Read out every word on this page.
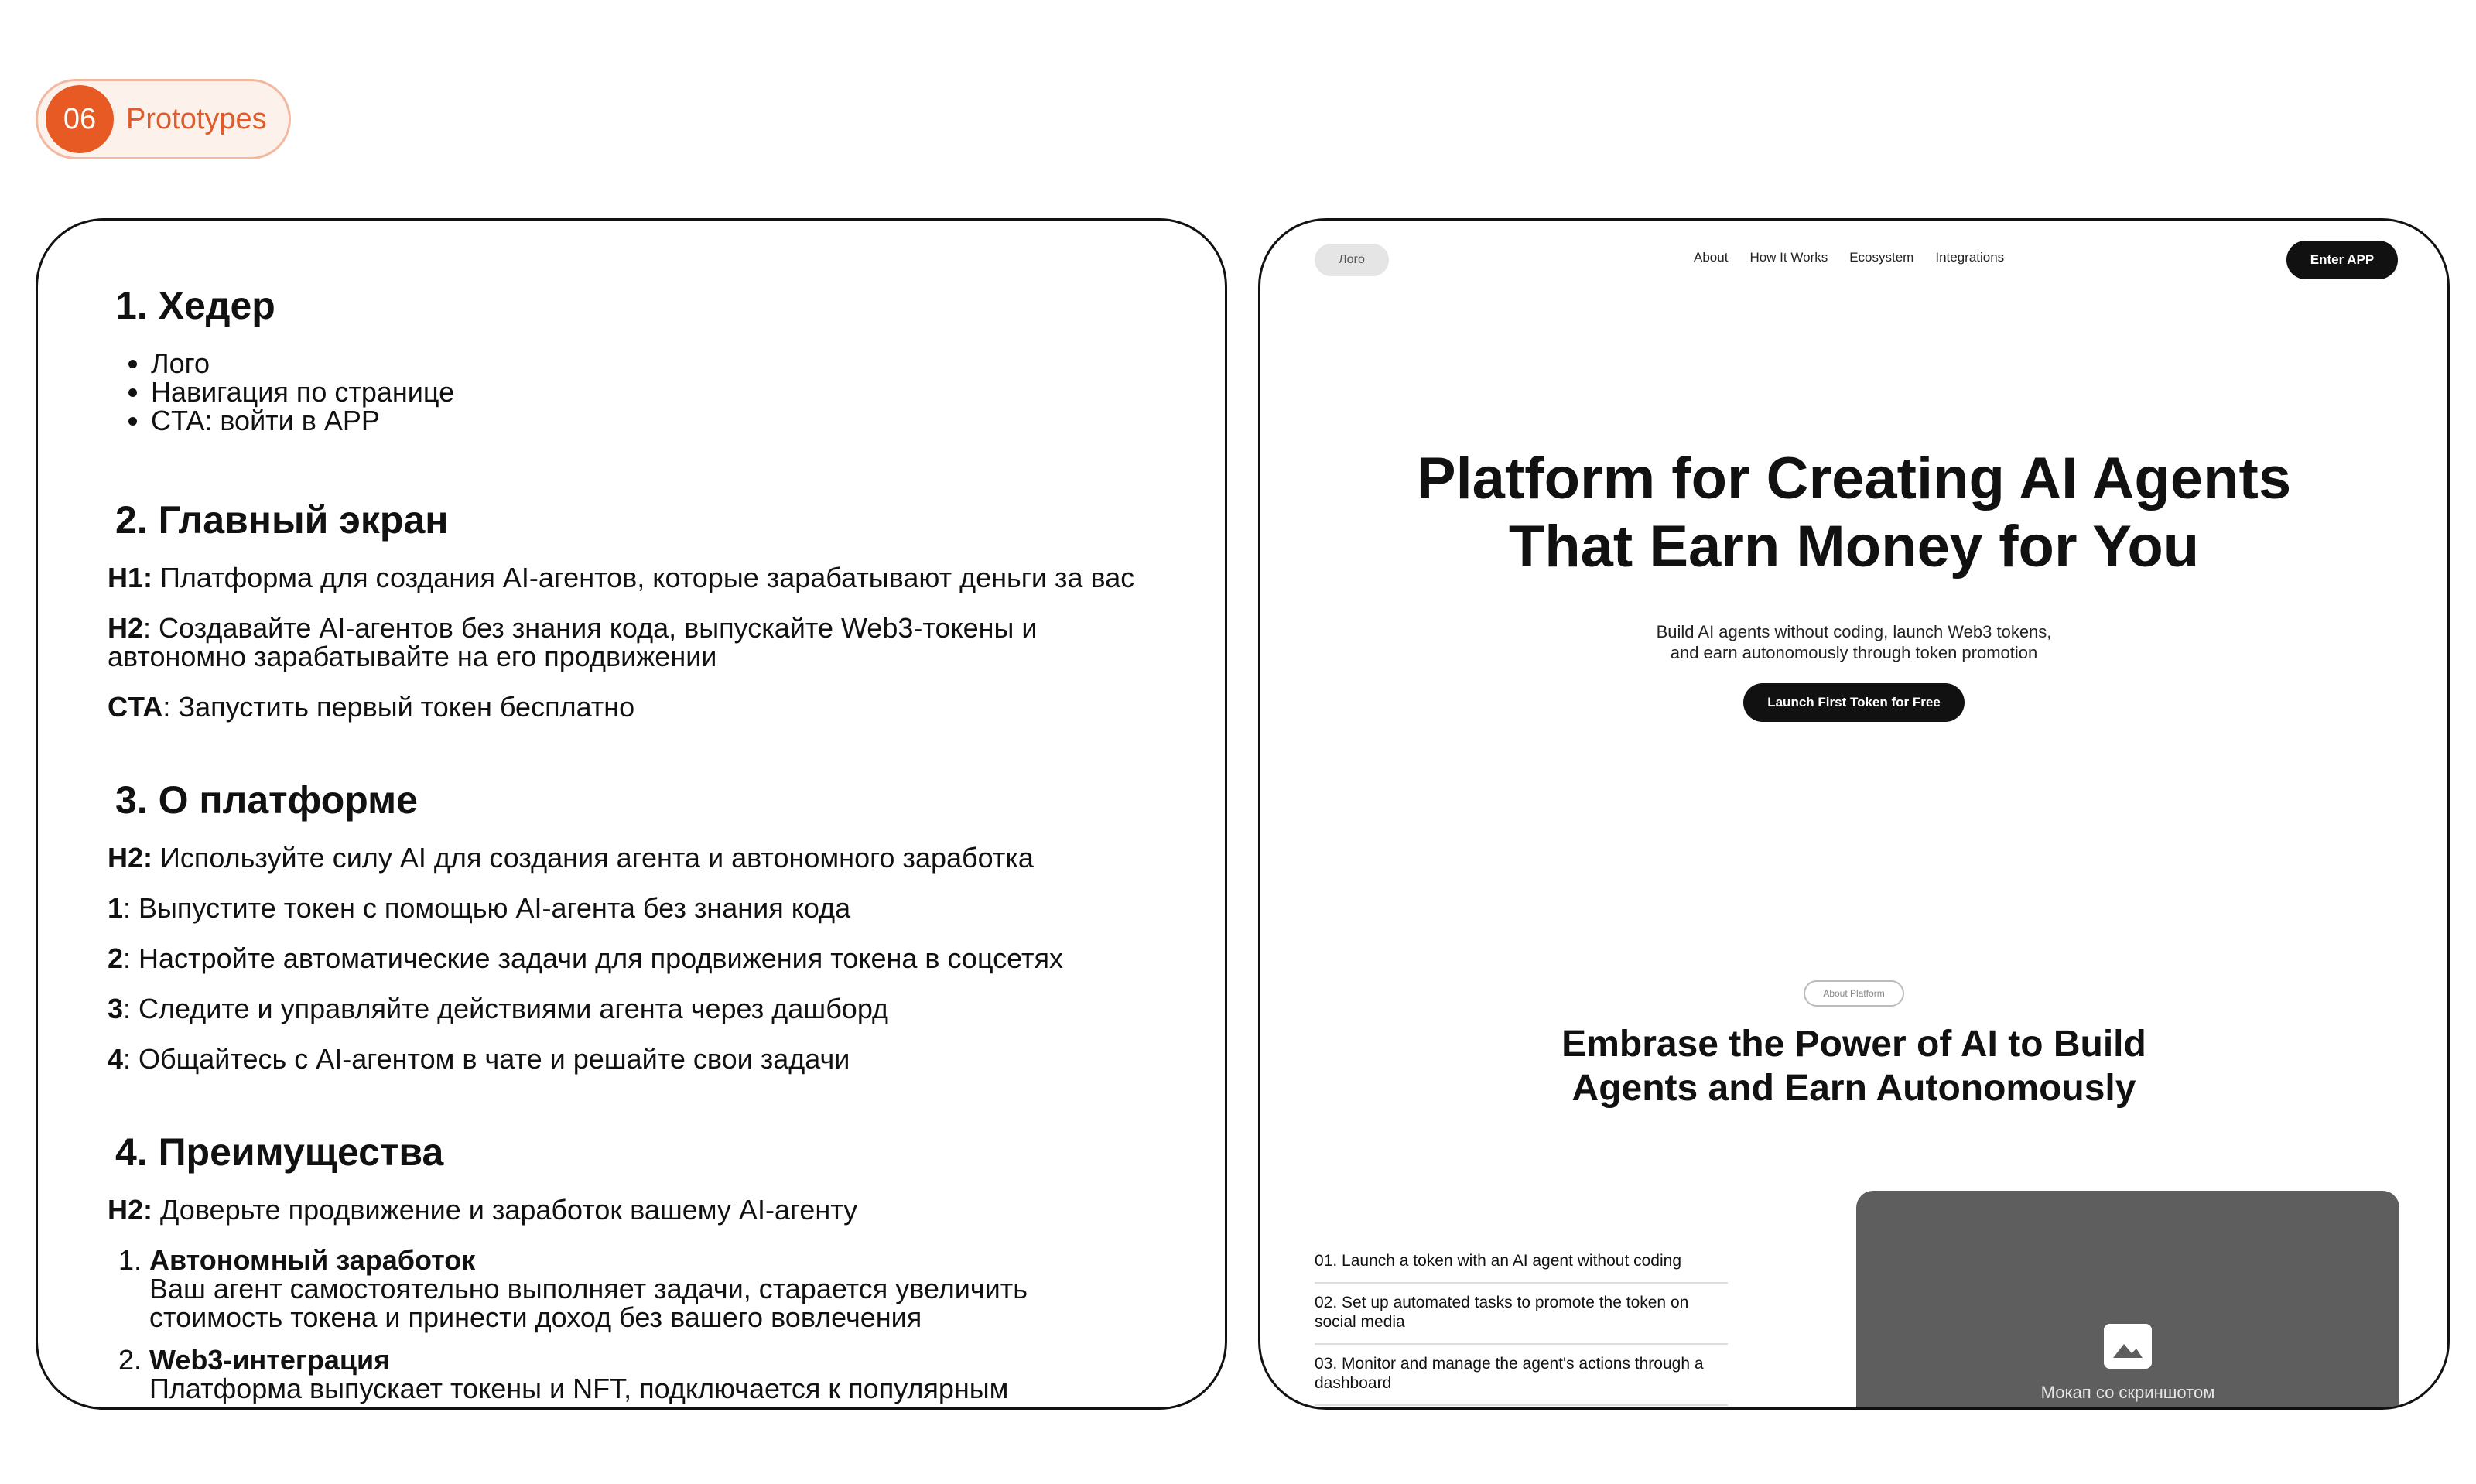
06	Prototypes
1. Хедер
• Лого
• Навигация по странице
• CTA: войти в APP
2. Главный экран

H1: Платформа для создания AI-агентов, которые зарабатывают деньги за вас

H2: Создавайте AI-агентов без знания кода, выпускайте Web3-токены и автономно зарабатывайте на его продвижении

CTA: Запустить первый токен бесплатно

3. О платформе

H2: Используйте силу AI для создания агента и автономного заработка

1: Выпустите токен с помощью AI-агента без знания кода

2: Настройте автоматические задачи для продвижения токена в соцсетях

3: Следите и управляйте действиями агента через дашборд

4: Общайтесь с AI-агентом в чате и решайте свои задачи

4. Преимущества

H2: Доверьте продвижение и заработок вашему AI-агенту

1. Автономный заработок
Ваш агент самостоятельно выполняет задачи, старается увеличить стоимость токена и принести доход без вашего вовлечения
2. Web3-интеграция
Платформа выпускает токены и NFT, подключается к популярным
Лого	About How It Works Ecosystem Integrations	Enter APP
Platform for Creating AI Agents
That Earn Money for You
Build AI agents without coding, launch Web3 tokens,
and earn autonomously through token promotion
Launch First Token for Free
About Platform
Embrase the Power of AI to Build
Agents and Earn Autonomously
01. Launch a token with an AI agent without coding
02. Set up automated tasks to promote the token on social media
03. Monitor and manage the agent's actions through a dashboard	Мокап со скриншотом
